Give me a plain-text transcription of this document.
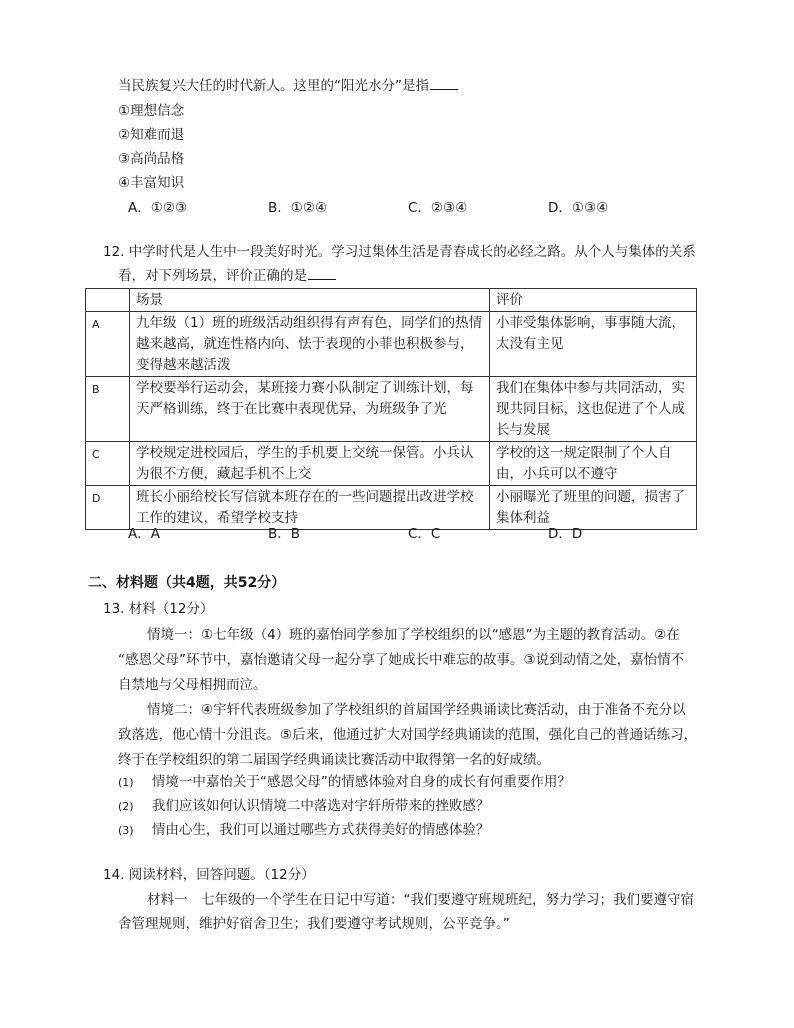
当民族复兴大任的时代新人。这里的“阳光水分”是指
①理想信念
②知难而退
③高尚品格
④丰富知识
A．①②③	B．①②④	C．②③④	D．①③④
12. 中学时代是人生中一段美好时光。学习过集体生活是青春成长的必经之路。从个人与集体的关系
看，对下列场景，评价正确的是
	场景	评价
A	九年级（1）班的班级活动组织得有声有色，同学们的热情越来越高，就连性格内向、怯于表现的小菲也积极参与，变得越来越活泼	小菲受集体影响，事事随大流，太没有主见
B	学校要举行运动会，某班接力赛小队制定了训练计划，每天严格训练，终于在比赛中表现优异，为班级争了光	我们在集体中参与共同活动，实现共同目标，这也促进了个人成长与发展
C	学校规定进校园后，学生的手机要上交统一保管。小兵认为很不方便，藏起手机不上交	学校的这一规定限制了个人自由，小兵可以不遵守
D	班长小丽给校长写信就本班存在的一些问题提出改进学校工作的建议，希望学校支持	小丽曝光了班里的问题，损害了集体利益
A．A	B．B	C．C	D．D
二、材料题（共4题，共52分）
13. 材料（12分）
情境一：①七年级（4）班的嘉怡同学参加了学校组织的以“感恩”为主题的教育活动。②在
“感恩父母”环节中，嘉怡邀请父母一起分享了她成长中难忘的故事。③说到动情之处，嘉怡情不
自禁地与父母相拥而泣。
情境二：④宇轩代表班级参加了学校组织的首届国学经典诵读比赛活动，由于准备不充分以
致落选，他心情十分沮丧。⑤后来，他通过扩大对国学经典诵读的范围，强化自己的普通话练习，
终于在学校组织的第二届国学经典诵读比赛活动中取得第一名的好成绩。
(1) 情境一中嘉怡关于“感恩父母”的情感体验对自身的成长有何重要作用？
(2) 我们应该如何认识情境二中落选对宇轩所带来的挫败感？
(3) 情由心生，我们可以通过哪些方式获得美好的情感体验？
14. 阅读材料，回答问题。（12分）
材料一　七年级的一个学生在日记中写道：“我们要遵守班规班纪，努力学习；我们要遵守宿
舍管理规则，维护好宿舍卫生；我们要遵守考试规则，公平竞争。”
